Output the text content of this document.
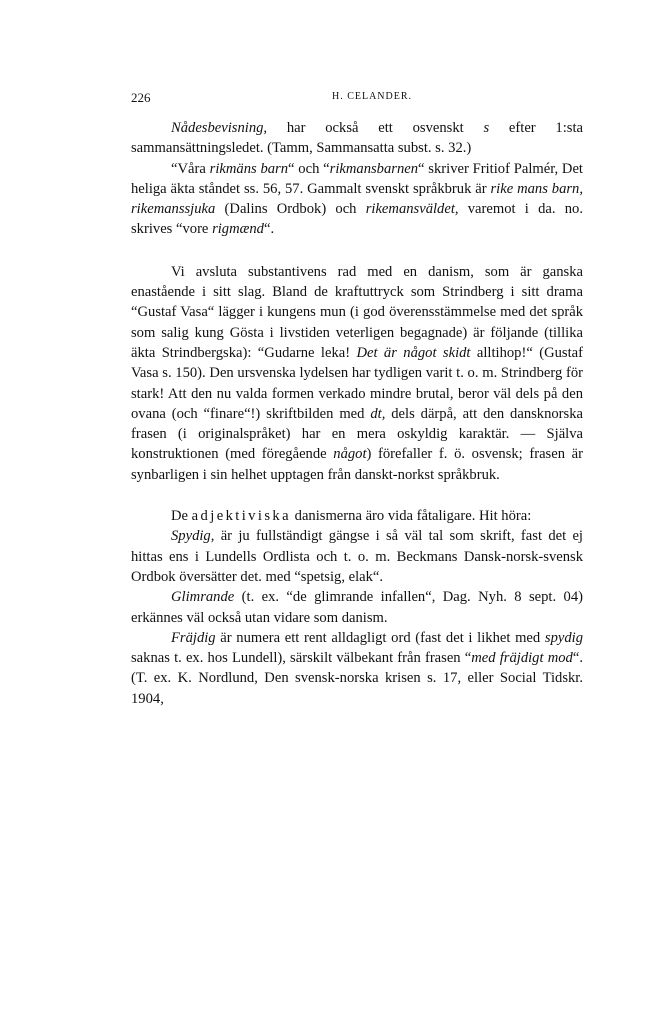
226	H. CELANDER.

Nådesbevisning, har också ett osvenskt s efter 1:sta sammansättningsledet. (Tamm, Sammansatta subst. s. 32.)

“Våra rikmäns barn“ och “rikmansbarnen“ skriver Fritiof Palmér, Det heliga äkta ståndet ss. 56, 57. Gammalt svenskt språkbruk är rike mans barn, rikemanssjuka (Dalins Ordbok) och rikemansväldet, varemot i da. no. skrives “vore rigmænd“.

Vi avsluta substantivens rad med en danism, som är ganska enastående i sitt slag. Bland de kraftuttryck som Strindberg i sitt drama “Gustaf Vasa“ lägger i kungens mun (i god överensstämmelse med det språk som salig kung Gösta i livstiden veterligen begagnade) är följande (tillika äkta Strindbergska): “Gudarne leka! Det är något skidt alltihop!“ (Gustaf Vasa s. 150). Den ursvenska lydelsen har tydligen varit t. o. m. Strindberg för stark! Att den nu valda formen verkado mindre brutal, beror väl dels på den ovana (och “finare“!) skriftbilden med dt, dels därpå, att den dansknorska frasen (i originalspråket) har en mera oskyldig karaktär. — Själva konstruktionen (med föregående något) förefaller f. ö. osvensk; frasen är synbarligen i sin helhet upptagen från danskt-norkst språkbruk.

De adjektiviska danismerna äro vida fåtaligare. Hit höra:

Spydig, är ju fullständigt gängse i så väl tal som skrift, fast det ej hittas ens i Lundells Ordlista och t. o. m. Beckmans Dansk-norsk-svensk Ordbok översätter det. med “spetsig, elak“.

Glimrande (t. ex. “de glimrande infallen“, Dag. Nyh. 8 sept. 04) erkännes väl också utan vidare som danism.

Fräjdig är numera ett rent alldagligt ord (fast det i likhet med spydig saknas t. ex. hos Lundell), särskilt välbekant från frasen “med fräjdigt mod“. (T. ex. K. Nordlund, Den svensk-norska krisen s. 17, eller Social Tidskr. 1904,
